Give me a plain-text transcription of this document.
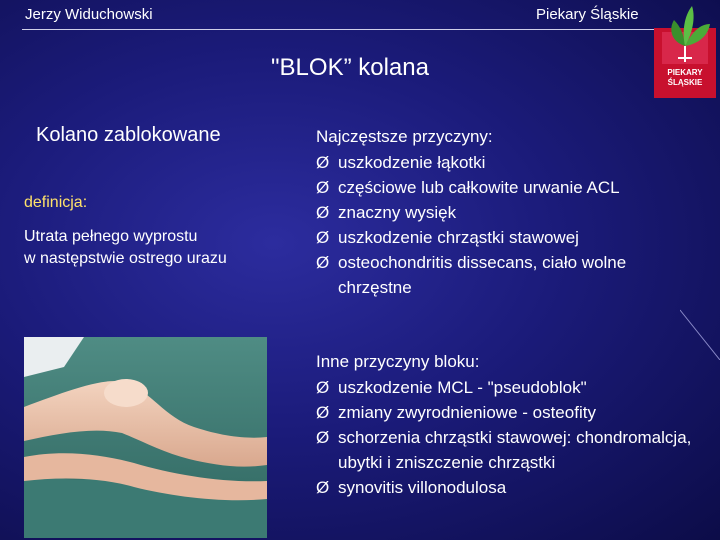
Jerzy Widuchowski	Piekary Śląskie
PIEKARY
ŚLĄSKIE
"BLOK” kolana
Kolano zablokowane
definicja:
Utrata pełnego wyprostu
w następstwie ostrego urazu
Najczęstsze przyczyny:
Ø uszkodzenie łąkotki
Ø częściowe lub całkowite urwanie ACL
Ø znaczny wysięk
Ø uszkodzenie chrząstki stawowej
Ø osteochondritis dissecans, ciało wolne chrzęstne
Inne przyczyny bloku:
Ø uszkodzenie MCL - "pseudoblok"
Ø zmiany zwyrodnieniowe - osteofity
Ø schorzenia chrząstki stawowej: chondromalcja, ubytki i zniszczenie chrząstki
Ø synovitis villonodulosa
